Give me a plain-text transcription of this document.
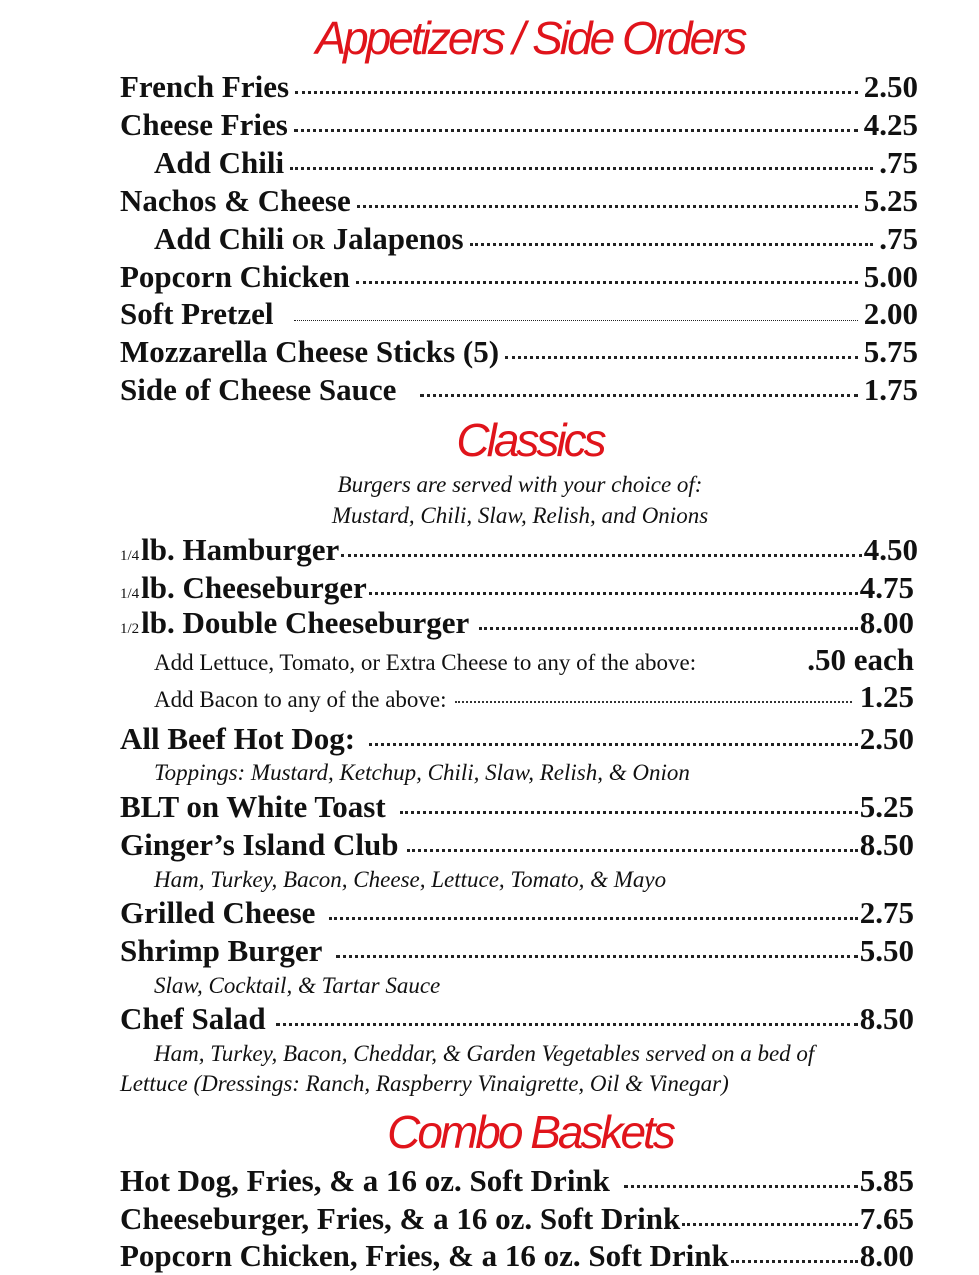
Appetizers / Side Orders
French Fries	2.50
Cheese Fries	4.25
Add Chili	.75
Nachos & Cheese	5.25
Add Chili OR Jalapenos	.75
Popcorn Chicken	5.00
Soft Pretzel	2.00
Mozzarella Cheese Sticks (5)	5.75
Side of Cheese Sauce	1.75
Classics
Burgers are served with your choice of:
Mustard, Chili, Slaw, Relish, and Onions
1/4 lb. Hamburger	4.50
1/4 lb. Cheeseburger	4.75
1/2 lb. Double Cheeseburger	8.00
Add Lettuce, Tomato, or Extra Cheese to any of the above:	.50 each
Add Bacon to any of the above:	1.25
All Beef Hot Dog:	2.50
Toppings: Mustard, Ketchup, Chili, Slaw, Relish, & Onion
BLT on White Toast	5.25
Ginger’s Island Club	8.50
Ham, Turkey, Bacon, Cheese, Lettuce, Tomato, & Mayo
Grilled Cheese	2.75
Shrimp Burger	5.50
Slaw, Cocktail, & Tartar Sauce
Chef Salad	8.50
Ham, Turkey, Bacon, Cheddar, & Garden Vegetables served on a bed of
Lettuce (Dressings: Ranch, Raspberry Vinaigrette, Oil & Vinegar)
Combo Baskets
Hot Dog, Fries, & a 16 oz. Soft Drink	5.85
Cheeseburger, Fries, & a 16 oz. Soft Drink	7.65
Popcorn Chicken, Fries, & a 16 oz. Soft Drink	8.00
